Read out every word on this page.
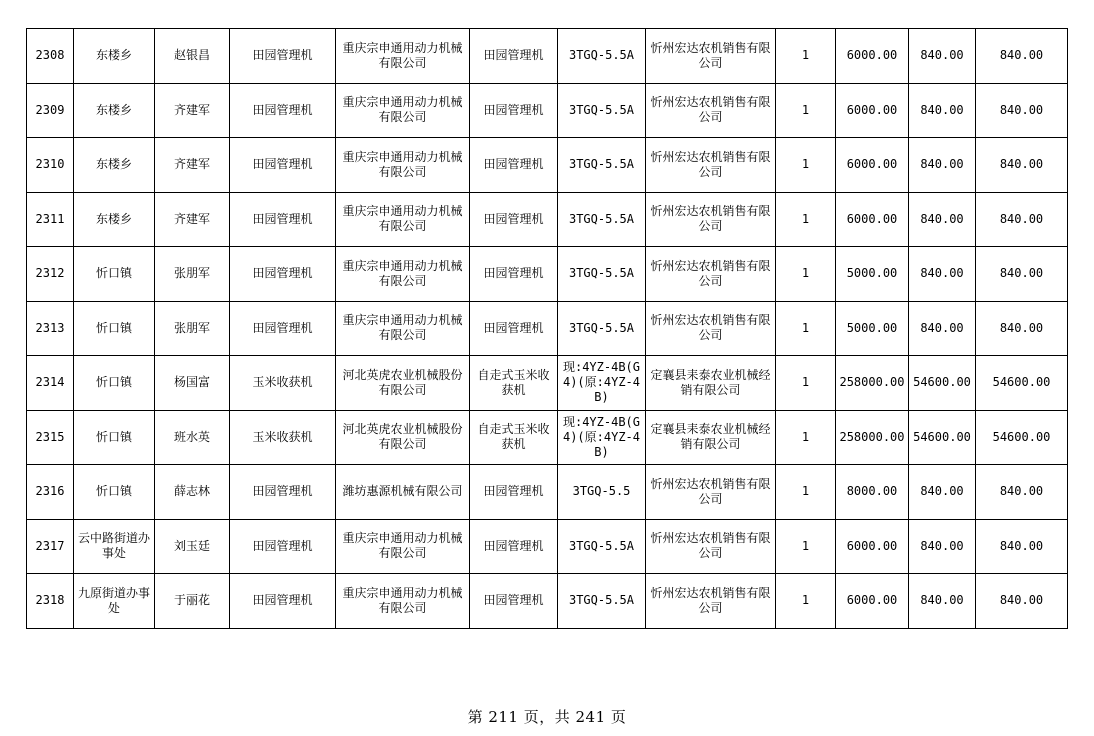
2308	东楼乡	赵银昌	田园管理机	重庆宗申通用动力机械有限公司	田园管理机	3TGQ-5.5A	忻州宏达农机销售有限公司	1	6000.00	840.00	840.00
2309	东楼乡	齐建军	田园管理机	重庆宗申通用动力机械有限公司	田园管理机	3TGQ-5.5A	忻州宏达农机销售有限公司	1	6000.00	840.00	840.00
2310	东楼乡	齐建军	田园管理机	重庆宗申通用动力机械有限公司	田园管理机	3TGQ-5.5A	忻州宏达农机销售有限公司	1	6000.00	840.00	840.00
2311	东楼乡	齐建军	田园管理机	重庆宗申通用动力机械有限公司	田园管理机	3TGQ-5.5A	忻州宏达农机销售有限公司	1	6000.00	840.00	840.00
2312	忻口镇	张朋军	田园管理机	重庆宗申通用动力机械有限公司	田园管理机	3TGQ-5.5A	忻州宏达农机销售有限公司	1	5000.00	840.00	840.00
2313	忻口镇	张朋军	田园管理机	重庆宗申通用动力机械有限公司	田园管理机	3TGQ-5.5A	忻州宏达农机销售有限公司	1	5000.00	840.00	840.00
2314	忻口镇	杨国富	玉米收获机	河北英虎农业机械股份有限公司	自走式玉米收获机	现:4YZ-4B(G4)(原:4YZ-4B)	定襄县耒泰农业机械经销有限公司	1	258000.00	54600.00	54600.00
2315	忻口镇	班水英	玉米收获机	河北英虎农业机械股份有限公司	自走式玉米收获机	现:4YZ-4B(G4)(原:4YZ-4B)	定襄县耒泰农业机械经销有限公司	1	258000.00	54600.00	54600.00
2316	忻口镇	薛志林	田园管理机	潍坊惠源机械有限公司	田园管理机	3TGQ-5.5	忻州宏达农机销售有限公司	1	8000.00	840.00	840.00
2317	云中路街道办事处	刘玉廷	田园管理机	重庆宗申通用动力机械有限公司	田园管理机	3TGQ-5.5A	忻州宏达农机销售有限公司	1	6000.00	840.00	840.00
2318	九原街道办事处	于丽花	田园管理机	重庆宗申通用动力机械有限公司	田园管理机	3TGQ-5.5A	忻州宏达农机销售有限公司	1	6000.00	840.00	840.00
第 211 页，共 241 页
